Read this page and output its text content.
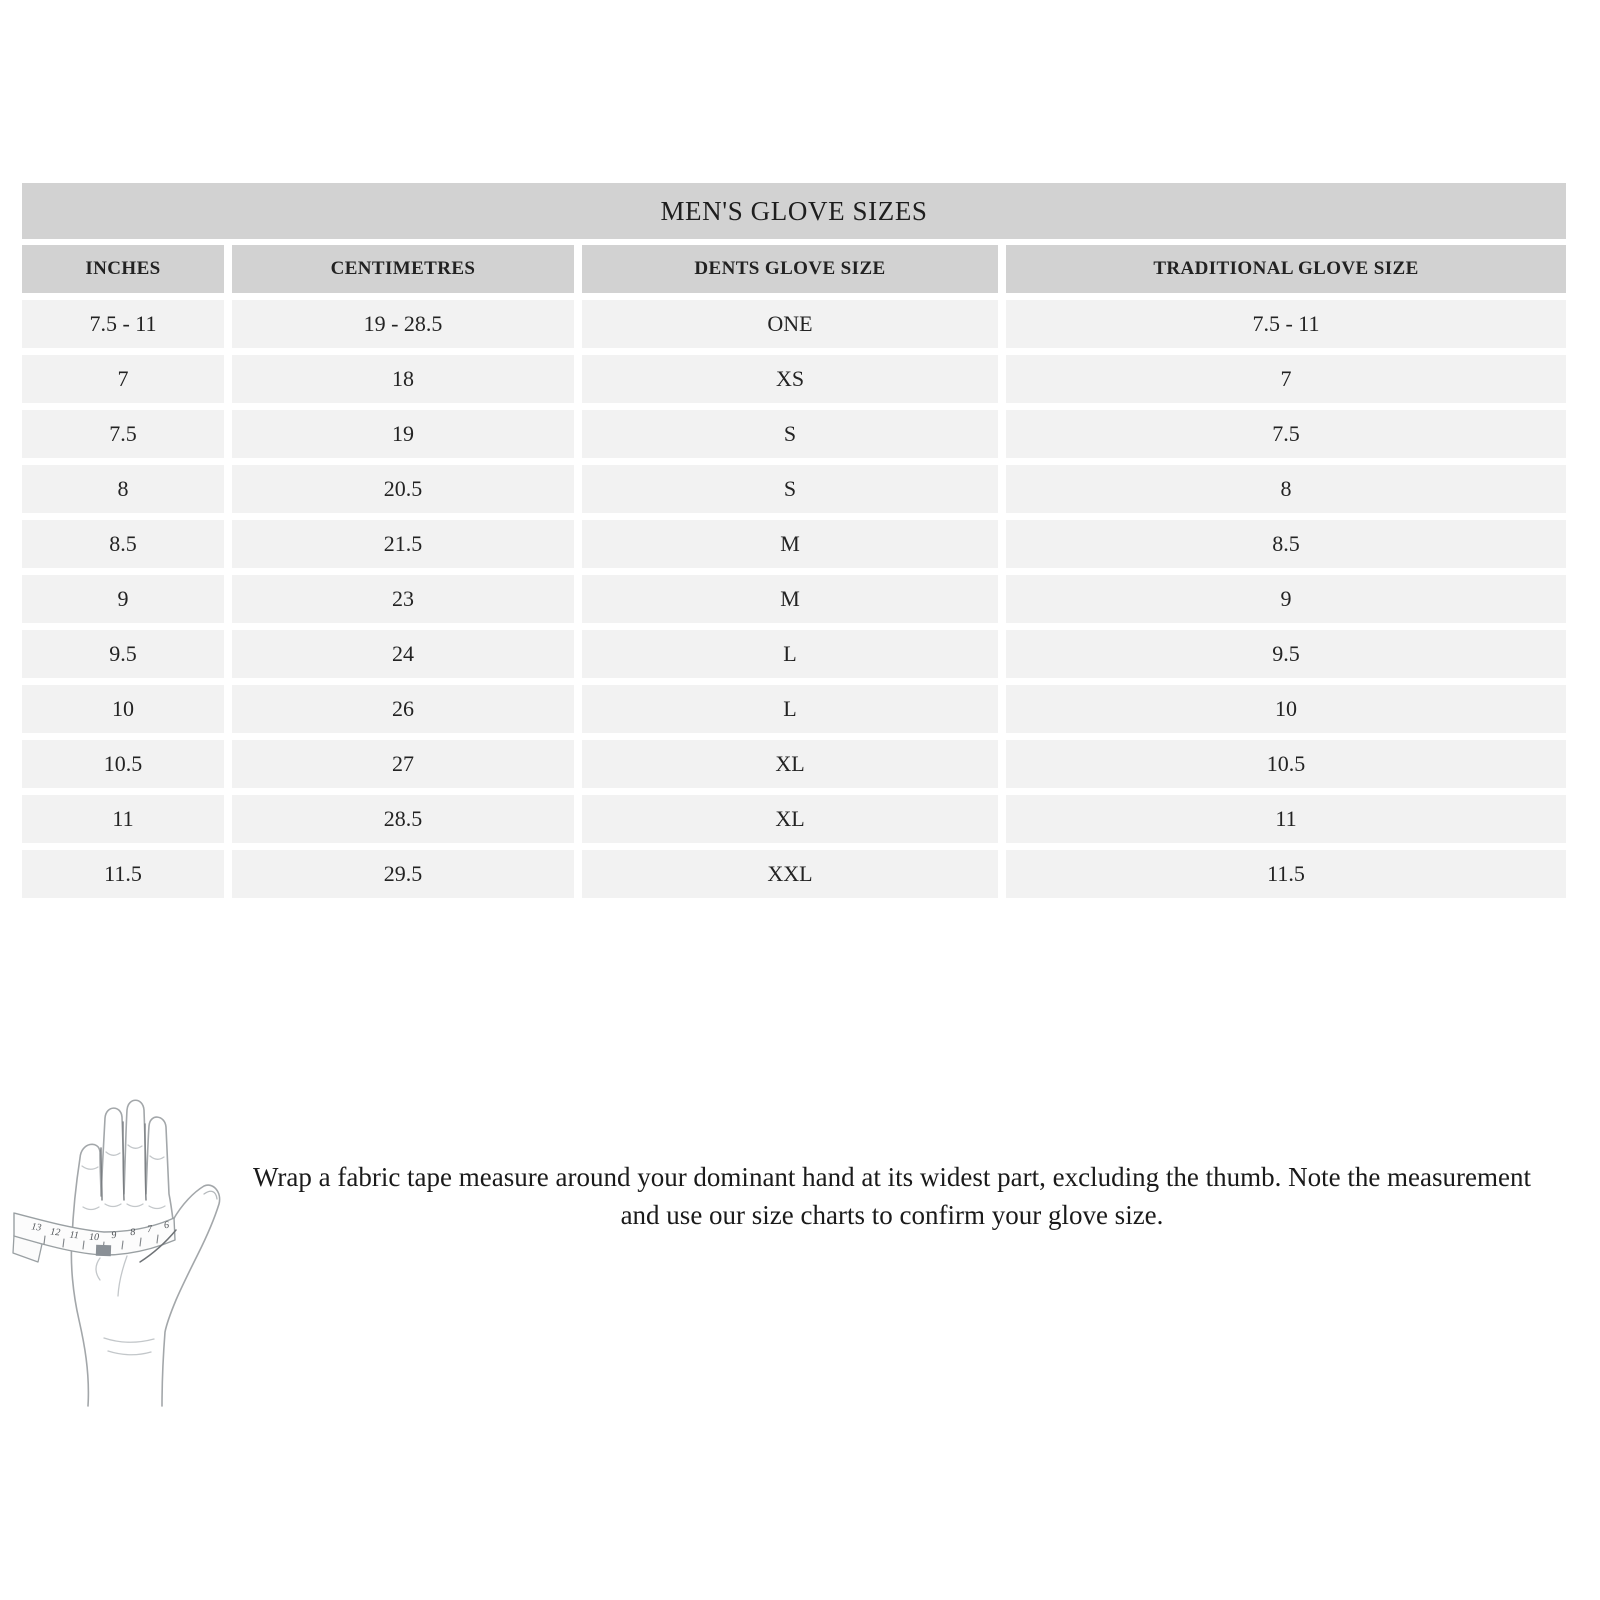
MEN'S GLOVE SIZES
INCHES	CENTIMETRES	DENTS GLOVE SIZE	TRADITIONAL GLOVE SIZE
7.5 - 11	19 - 28.5	ONE	7.5 - 11
7	18	XS	7
7.5	19	S	7.5
8	20.5	S	8
8.5	21.5	M	8.5
9	23	M	9
9.5	24	L	9.5
10	26	L	10
10.5	27	XL	10.5
11	28.5	XL	11
11.5	29.5	XXL	11.5
13 12 11 10 9 8 7 6
Wrap a fabric tape measure around your dominant hand at its widest part, excluding the thumb. Note the measurement and use our size charts to confirm your glove size.
